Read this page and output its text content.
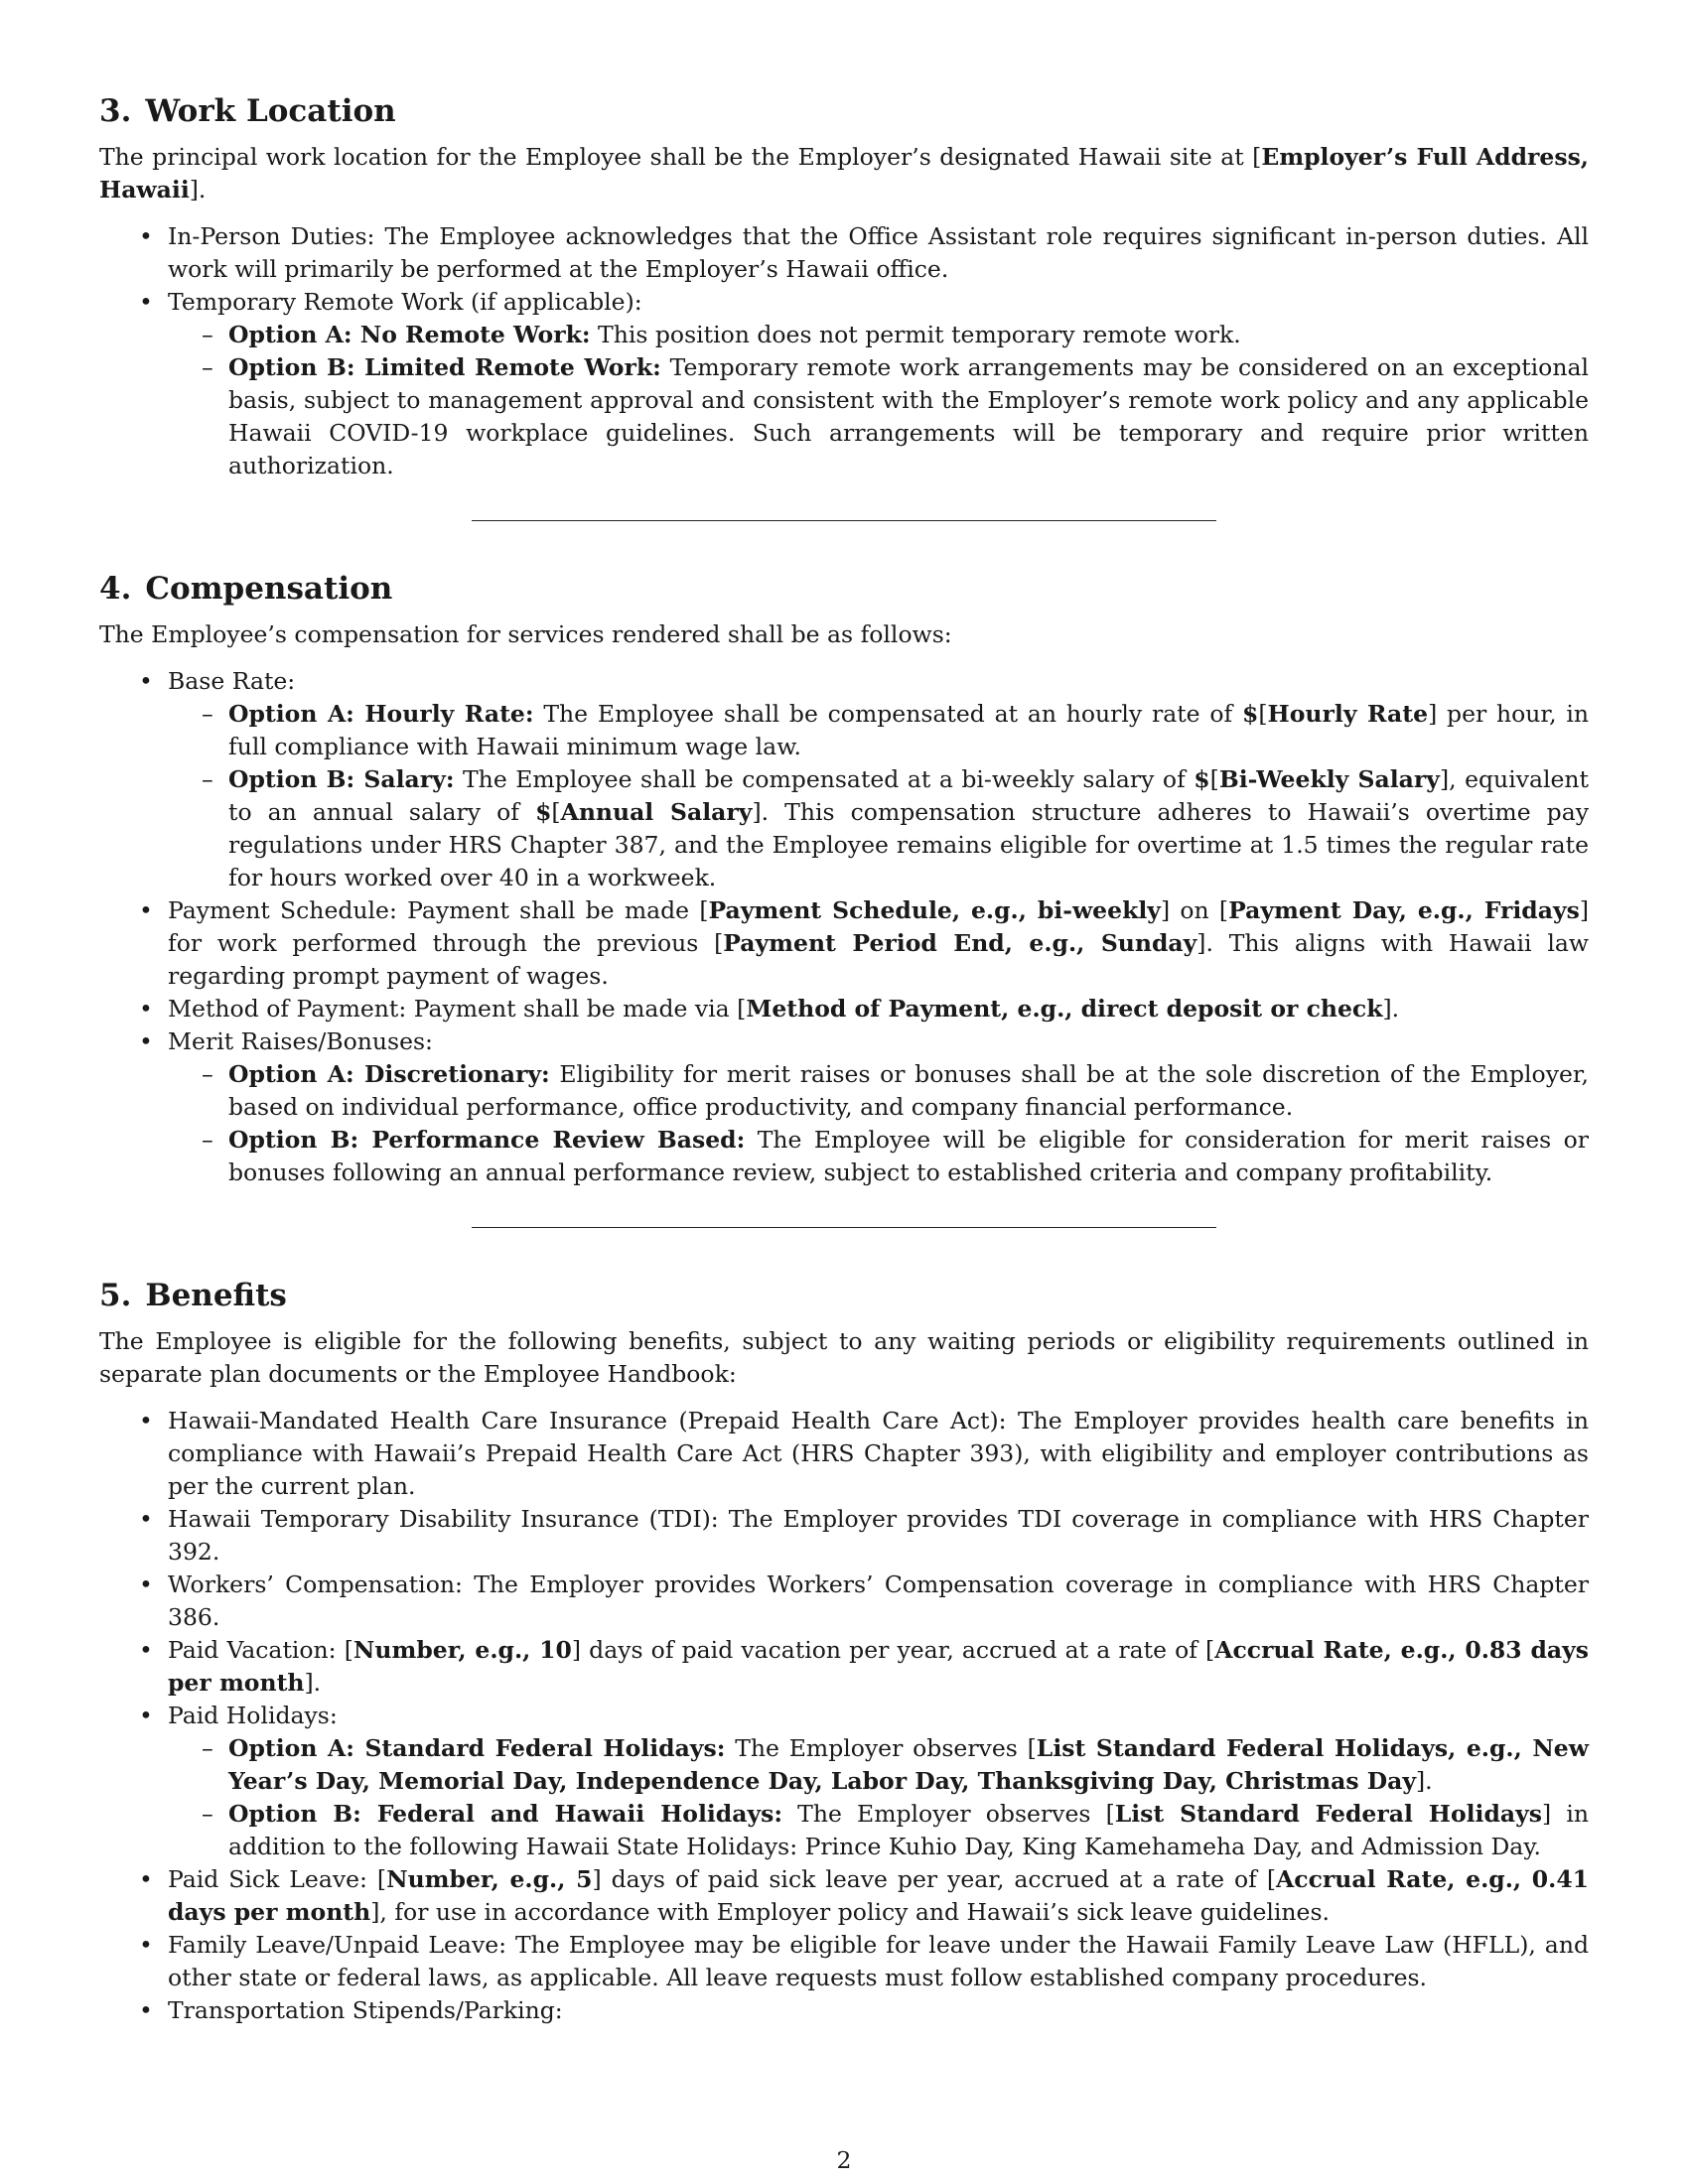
3. Work Location

The principal work location for the Employee shall be the Employer’s designated Hawaii site at [Employer’s Full Address, Hawaii].

• In-Person Duties: The Employee acknowledges that the Office Assistant role requires significant in-person duties. All work will primarily be performed at the Employer’s Hawaii office.
• Temporary Remote Work (if applicable):
– Option A: No Remote Work: This position does not permit temporary remote work.
– Option B: Limited Remote Work: Temporary remote work arrangements may be considered on an exceptional basis, subject to management approval and consistent with the Employer’s remote work policy and any applicable Hawaii COVID-19 workplace guidelines. Such arrangements will be temporary and require prior written authorization.
4. Compensation

The Employee’s compensation for services rendered shall be as follows:

• Base Rate:
– Option A: Hourly Rate: The Employee shall be compensated at an hourly rate of $[Hourly Rate] per hour, in full compliance with Hawaii minimum wage law.
– Option B: Salary: The Employee shall be compensated at a bi-weekly salary of $[Bi-Weekly Salary], equivalent to an annual salary of $[Annual Salary]. This compensation structure adheres to Hawaii’s overtime pay regulations under HRS Chapter 387, and the Employee remains eligible for overtime at 1.5 times the regular rate for hours worked over 40 in a workweek.
• Payment Schedule: Payment shall be made [Payment Schedule, e.g., bi-weekly] on [Payment Day, e.g., Fridays] for work performed through the previous [Payment Period End, e.g., Sunday]. This aligns with Hawaii law regarding prompt payment of wages.
• Method of Payment: Payment shall be made via [Method of Payment, e.g., direct deposit or check].
• Merit Raises/Bonuses:
– Option A: Discretionary: Eligibility for merit raises or bonuses shall be at the sole discretion of the Employer, based on individual performance, office productivity, and company financial performance.
– Option B: Performance Review Based: The Employee will be eligible for consideration for merit raises or bonuses following an annual performance review, subject to established criteria and company profitability.
5. Benefits

The Employee is eligible for the following benefits, subject to any waiting periods or eligibility requirements outlined in separate plan documents or the Employee Handbook:

• Hawaii-Mandated Health Care Insurance (Prepaid Health Care Act): The Employer provides health care benefits in compliance with Hawaii’s Prepaid Health Care Act (HRS Chapter 393), with eligibility and employer contributions as per the current plan.
• Hawaii Temporary Disability Insurance (TDI): The Employer provides TDI coverage in compliance with HRS Chapter 392.
• Workers’ Compensation: The Employer provides Workers’ Compensation coverage in compliance with HRS Chapter 386.
• Paid Vacation: [Number, e.g., 10] days of paid vacation per year, accrued at a rate of [Accrual Rate, e.g., 0.83 days per month].
• Paid Holidays:
– Option A: Standard Federal Holidays: The Employer observes [List Standard Federal Holidays, e.g., New Year’s Day, Memorial Day, Independence Day, Labor Day, Thanksgiving Day, Christmas Day].
– Option B: Federal and Hawaii Holidays: The Employer observes [List Standard Federal Holidays] in addition to the following Hawaii State Holidays: Prince Kuhio Day, King Kamehameha Day, and Admission Day.
• Paid Sick Leave: [Number, e.g., 5] days of paid sick leave per year, accrued at a rate of [Accrual Rate, e.g., 0.41 days per month], for use in accordance with Employer policy and Hawaii’s sick leave guidelines.
• Family Leave/Unpaid Leave: The Employee may be eligible for leave under the Hawaii Family Leave Law (HFLL), and other state or federal laws, as applicable. All leave requests must follow established company procedures.
• Transportation Stipends/Parking:
2
